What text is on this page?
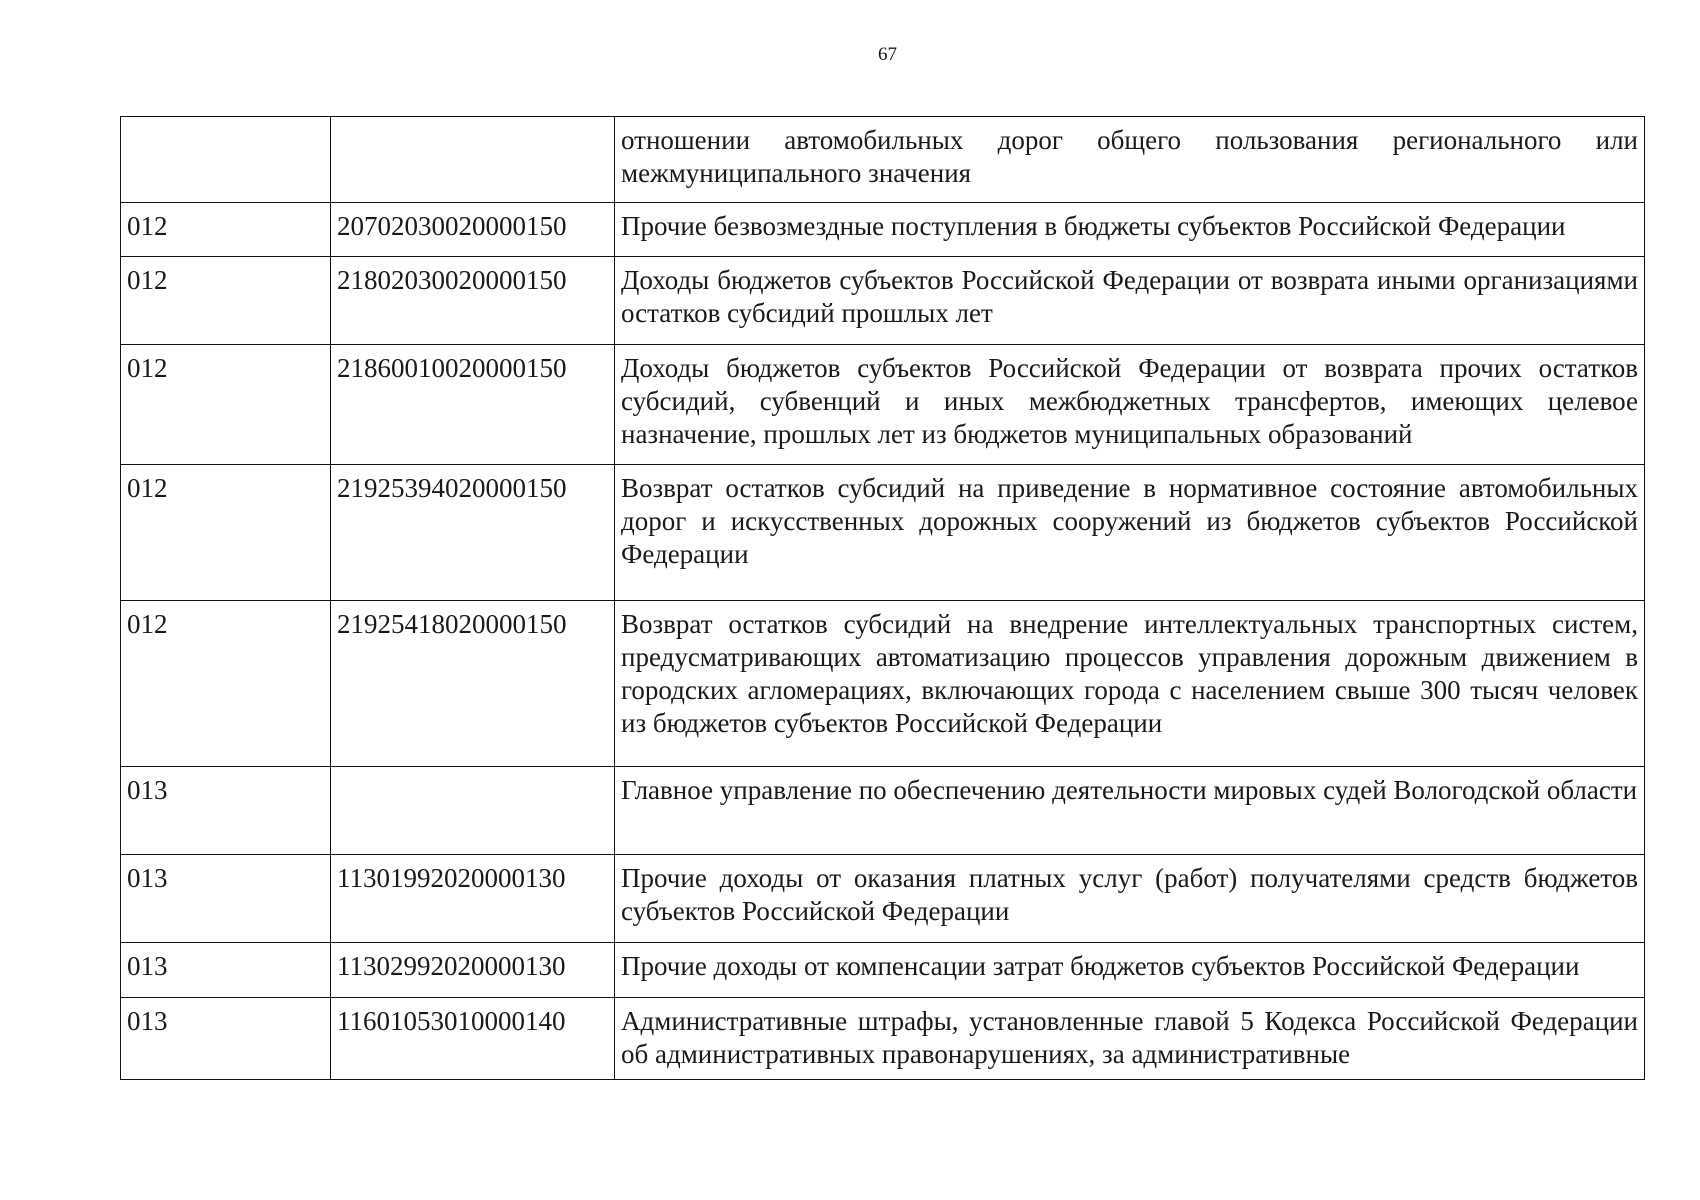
67
		отношении автомобильных дорог общего пользования регионального или межмуниципального значения
012	20702030020000150	Прочие безвозмездные поступления в бюджеты субъектов Российской Федерации
012	21802030020000150	Доходы бюджетов субъектов Российской Федерации от возврата иными организациями остатков субсидий прошлых лет
012	21860010020000150	Доходы бюджетов субъектов Российской Федерации от возврата прочих остатков субсидий, субвенций и иных межбюджетных трансфертов, имеющих целевое назначение, прошлых лет из бюджетов муниципальных образований
012	21925394020000150	Возврат остатков субсидий на приведение в нормативное состояние автомобильных дорог и искусственных дорожных сооружений из бюджетов субъектов Российской Федерации
012	21925418020000150	Возврат остатков субсидий на внедрение интеллектуальных транспортных систем, предусматривающих автоматизацию процессов управления дорожным движением в городских агломерациях, включающих города с населением свыше 300 тысяч человек из бюджетов субъектов Российской Федерации
013		Главное управление по обеспечению деятельности мировых судей Вологодской области
013	11301992020000130	Прочие доходы от оказания платных услуг (работ) получателями средств бюджетов субъектов Российской Федерации
013	11302992020000130	Прочие доходы от компенсации затрат бюджетов субъектов Российской Федерации
013	11601053010000140	Административные штрафы, установленные главой 5 Кодекса Российской Федерации об административных правонарушениях, за административные
